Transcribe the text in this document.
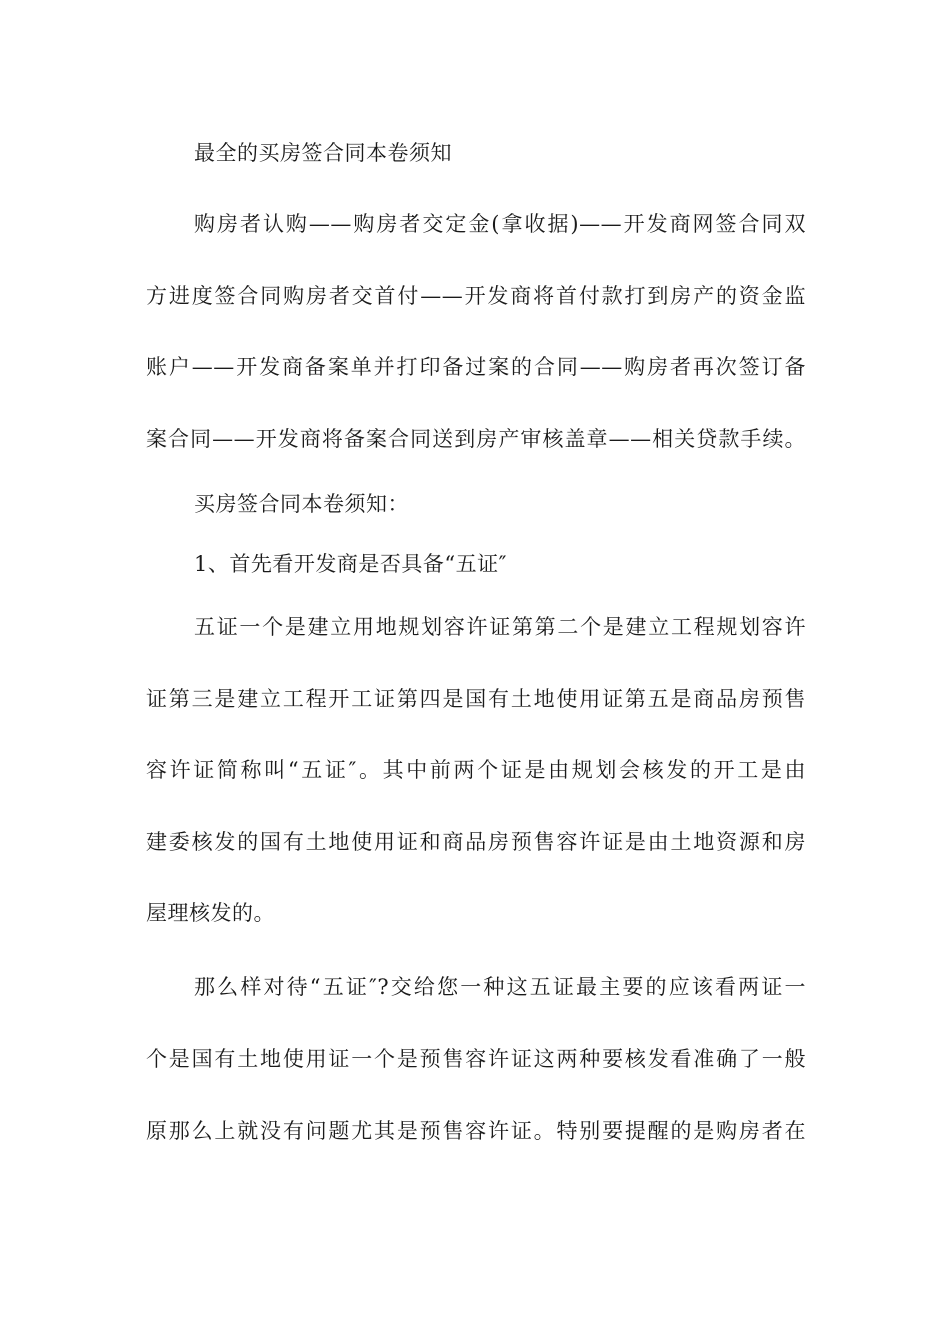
最全的买房签合同本卷须知
购房者认购——购房者交定金(拿收据)——开发商网签合同双
方进度签合同购房者交首付——开发商将首付款打到房产的资金监
账户——开发商备案单并打印备过案的合同——购房者再次签订备
案合同——开发商将备案合同送到房产审核盖章——相关贷款手续。
买房签合同本卷须知：
1、首先看开发商是否具备“五证″
五证一个是建立用地规划容许证第第二个是建立工程规划容许
证第三是建立工程开工证第四是国有土地使用证第五是商品房预售
容许证简称叫“五证″。其中前两个证是由规划会核发的开工是由
建委核发的国有土地使用证和商品房预售容许证是由土地资源和房
屋理核发的。
那么样对待“五证″?交给您一种这五证最主要的应该看两证一
个是国有土地使用证一个是预售容许证这两种要核发看准确了一般
原那么上就没有问题尤其是预售容许证。特别要提醒的是购房者在
